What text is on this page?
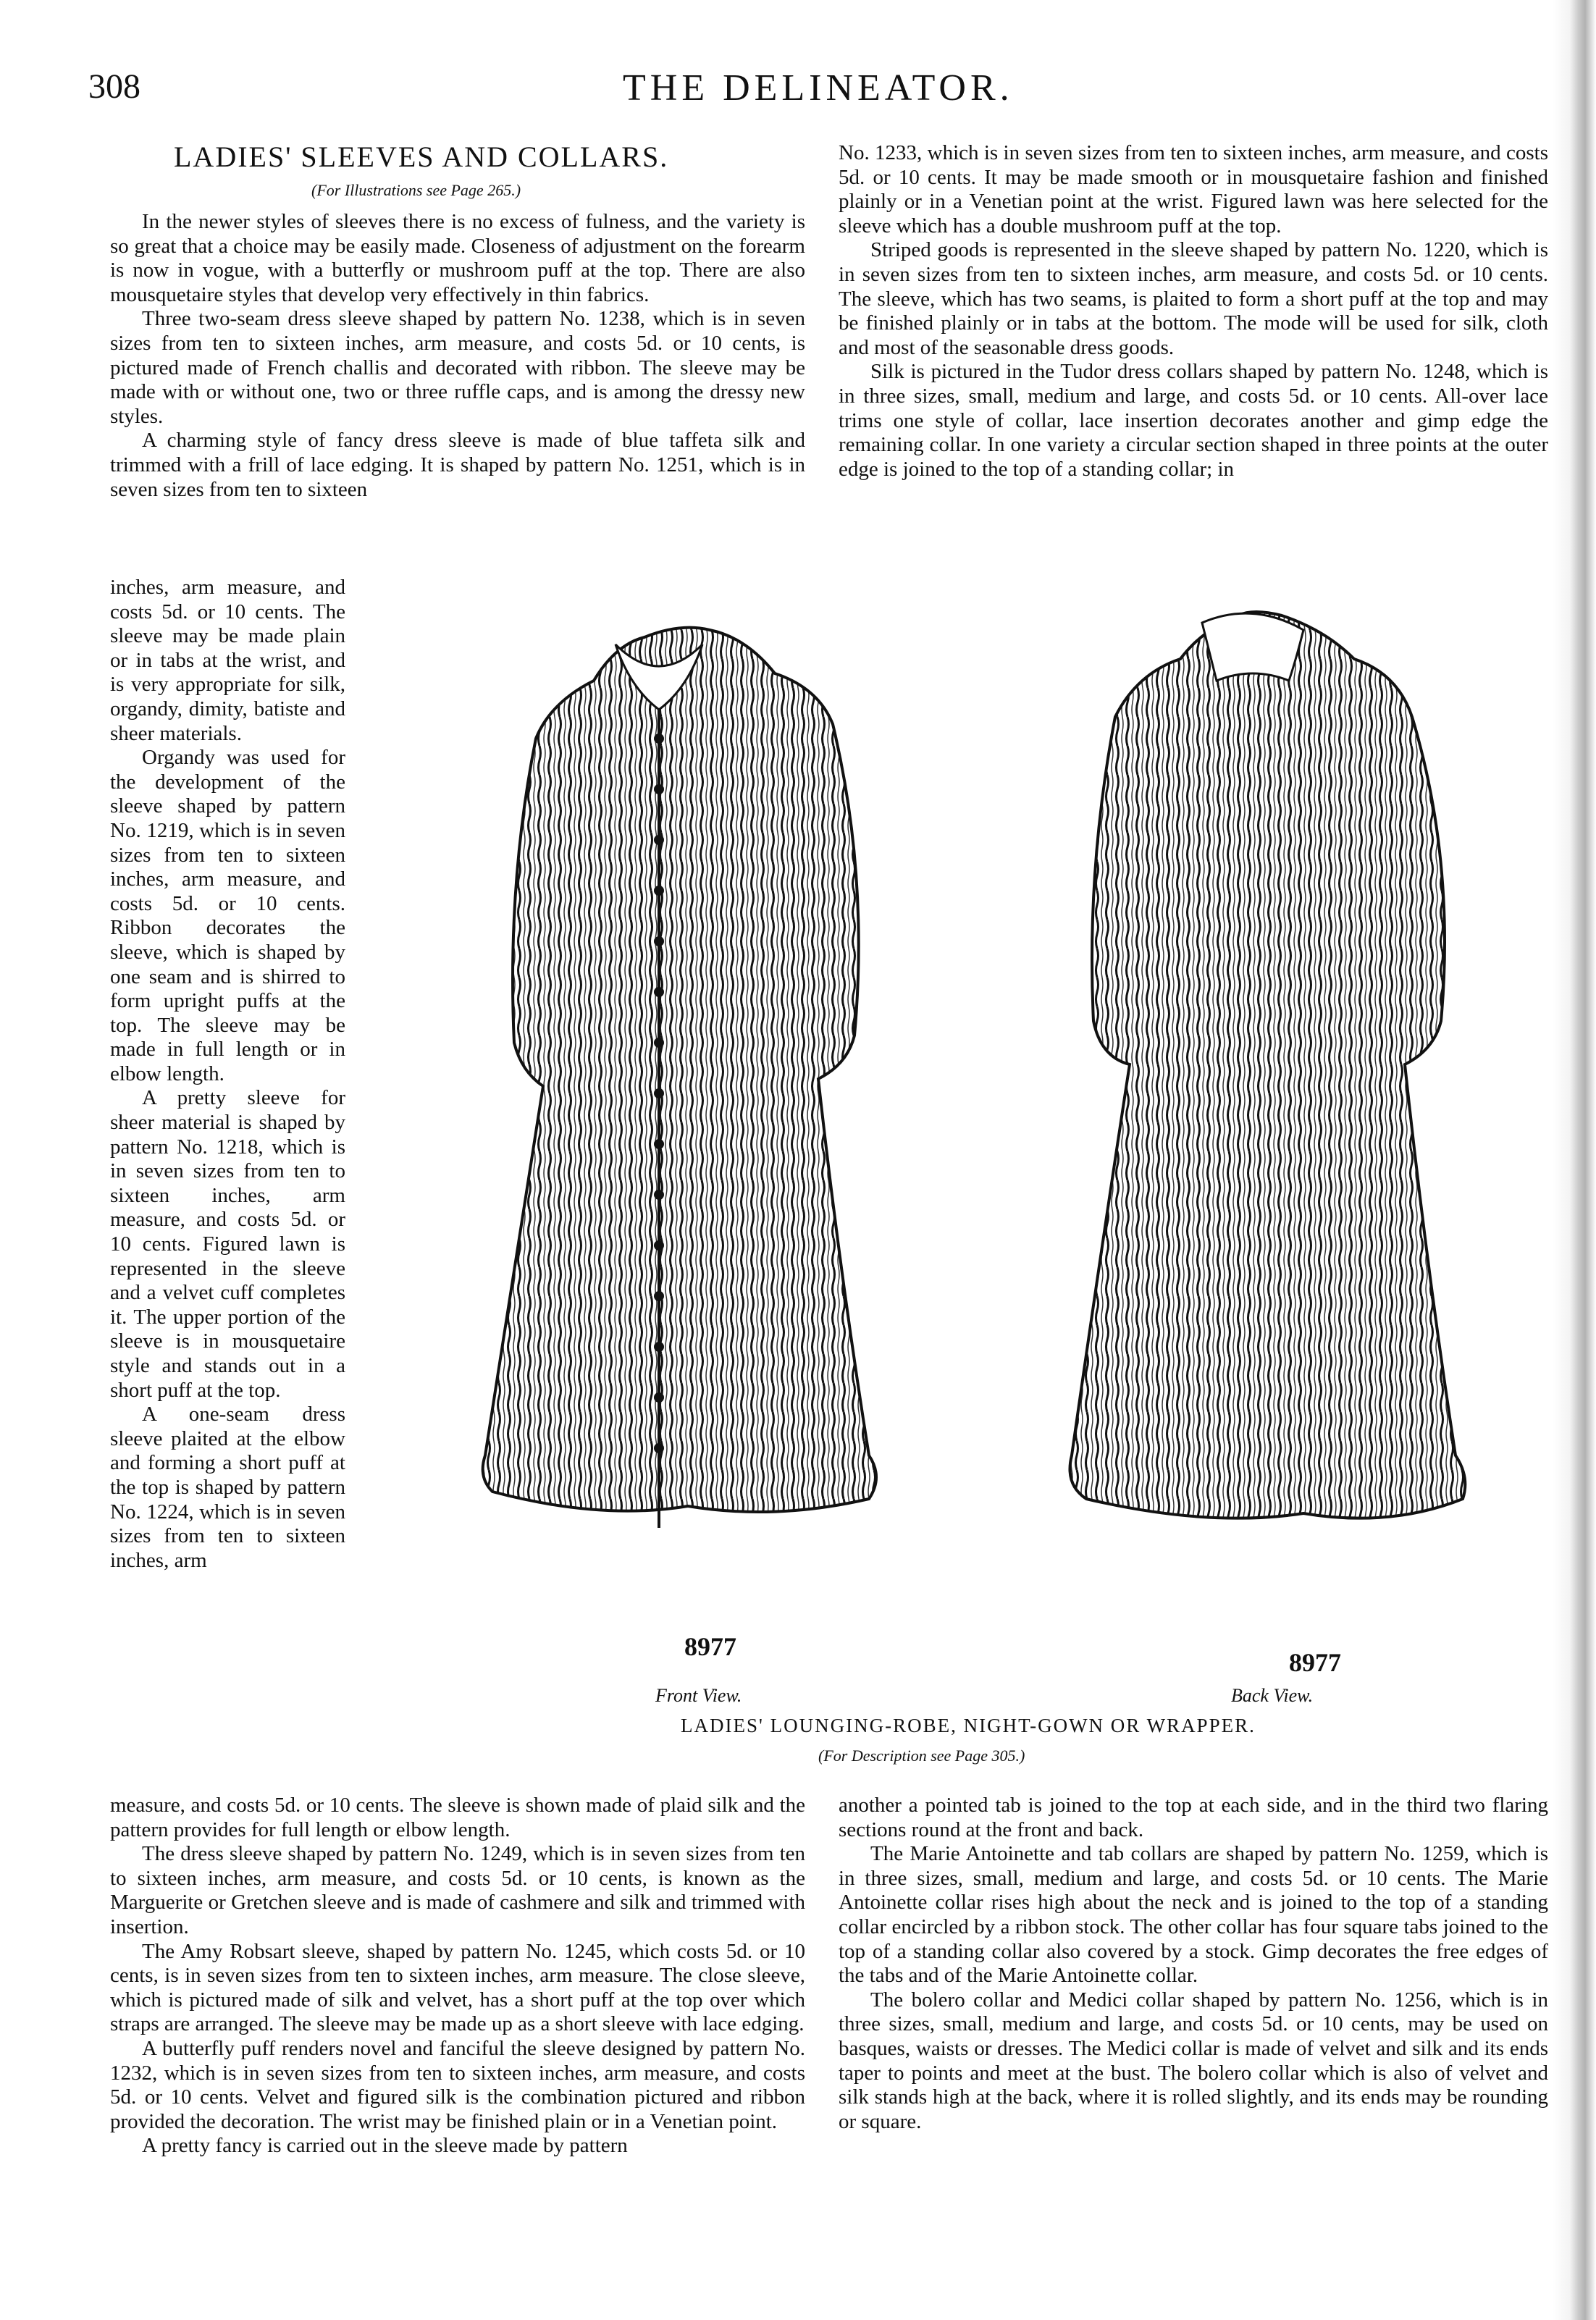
308	THE DELINEATOR.
LADIES' SLEEVES AND COLLARS.
(For Illustrations see Page 265.)

In the newer styles of sleeves there is no excess of fulness, and the variety is so great that a choice may be easily made. Closeness of adjustment on the forearm is now in vogue, with a butterfly or mushroom puff at the top. There are also mousquetaire styles that develop very effectively in thin fabrics.

Three two-seam dress sleeve shaped by pattern No. 1238, which is in seven sizes from ten to sixteen inches, arm measure, and costs 5d. or 10 cents, is pictured made of French challis and decorated with ribbon. The sleeve may be made with or without one, two or three ruffle caps, and is among the dressy new styles.

A charming style of fancy dress sleeve is made of blue taffeta silk and trimmed with a frill of lace edging. It is shaped by pattern No. 1251, which is in seven sizes from ten to sixteen

inches, arm measure, and costs 5d. or 10 cents. The sleeve may be made plain or in tabs at the wrist, and is very appropriate for silk, organdy, dimity, batiste and sheer materials.

Organdy was used for the development of the sleeve shaped by pattern No. 1219, which is in seven sizes from ten to sixteen inches, arm measure, and costs 5d. or 10 cents. Ribbon decorates the sleeve, which is shaped by one seam and is shirred to form upright puffs at the top. The sleeve may be made in full length or in elbow length.

A pretty sleeve for sheer material is shaped by pattern No. 1218, which is in seven sizes from ten to sixteen inches, arm measure, and costs 5d. or 10 cents. Figured lawn is represented in the sleeve and a velvet cuff completes it. The upper portion of the sleeve is in mousquetaire style and stands out in a short puff at the top.

A one-seam dress sleeve plaited at the elbow and forming a short puff at the top is shaped by pattern No. 1224, which is in seven sizes from ten to sixteen inches, arm

measure, and costs 5d. or 10 cents. The sleeve is shown made of plaid silk and the pattern provides for full length or elbow length.

The dress sleeve shaped by pattern No. 1249, which is in seven sizes from ten to sixteen inches, arm measure, and costs 5d. or 10 cents, is known as the Marguerite or Gretchen sleeve and is made of cashmere and silk and trimmed with insertion.

The Amy Robsart sleeve, shaped by pattern No. 1245, which costs 5d. or 10 cents, is in seven sizes from ten to sixteen inches, arm measure. The close sleeve, which is pictured made of silk and velvet, has a short puff at the top over which straps are arranged. The sleeve may be made up as a short sleeve with lace edging.

A butterfly puff renders novel and fanciful the sleeve designed by pattern No. 1232, which is in seven sizes from ten to sixteen inches, arm measure, and costs 5d. or 10 cents. Velvet and figured silk is the combination pictured and ribbon provided the decoration. The wrist may be finished plain or in a Venetian point.

A pretty fancy is carried out in the sleeve made by pattern

No. 1233, which is in seven sizes from ten to sixteen inches, arm measure, and costs 5d. or 10 cents. It may be made smooth or in mousquetaire fashion and finished plainly or in a Venetian point at the wrist. Figured lawn was here selected for the sleeve which has a double mushroom puff at the top.

Striped goods is represented in the sleeve shaped by pattern No. 1220, which is in seven sizes from ten to sixteen inches, arm measure, and costs 5d. or 10 cents. The sleeve, which has two seams, is plaited to form a short puff at the top and may be finished plainly or in tabs at the bottom. The mode will be used for silk, cloth and most of the seasonable dress goods.

Silk is pictured in the Tudor dress collars shaped by pattern No. 1248, which is in three sizes, small, medium and large, and costs 5d. or 10 cents. All-over lace trims one style of collar, lace insertion decorates another and gimp edge the remaining collar. In one variety a circular section shaped in three points at the outer edge is joined to the top of a standing collar; in

another a pointed tab is joined to the top at each side, and in the third two flaring sections round at the front and back.

The Marie Antoinette and tab collars are shaped by pattern No. 1259, which is in three sizes, small, medium and large, and costs 5d. or 10 cents. The Marie Antoinette collar rises high about the neck and is joined to the top of a standing collar encircled by a ribbon stock. The other collar has four square tabs joined to the top of a standing collar also covered by a stock. Gimp decorates the free edges of the tabs and of the Marie Antoinette collar.

The bolero collar and Medici collar shaped by pattern No. 1256, which is in three sizes, small, medium and large, and costs 5d. or 10 cents, may be used on basques, waists or dresses. The Medici collar is made of velvet and silk and its ends taper to points and meet at the bust. The bolero collar which is also of velvet and silk stands high at the back, where it is rolled slightly, and its ends may be rounding or square.

8977
8977
Front View.	Back View.
LADIES' LOUNGING-ROBE, NIGHT-GOWN OR WRAPPER.
(For Description see Page 305.)
